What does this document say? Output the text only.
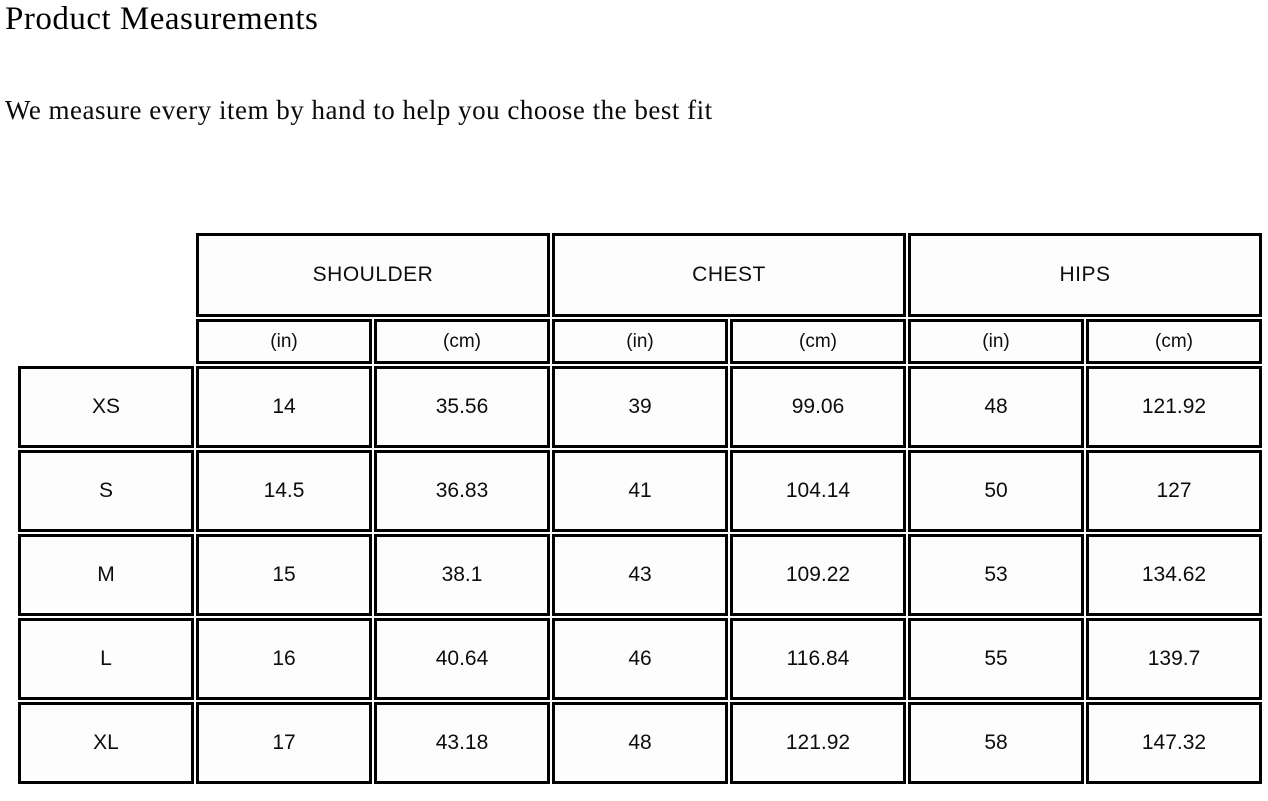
Product Measurements
We measure every item by hand to help you choose the best fit
	SHOULDER		CHEST		HIPS	
	(in)	(cm)	(in)	(cm)	(in)	(cm)
XS	14	35.56	39	99.06	48	121.92
S	14.5	36.83	41	104.14	50	127
M	15	38.1	43	109.22	53	134.62
L	16	40.64	46	116.84	55	139.7
XL	17	43.18	48	121.92	58	147.32
